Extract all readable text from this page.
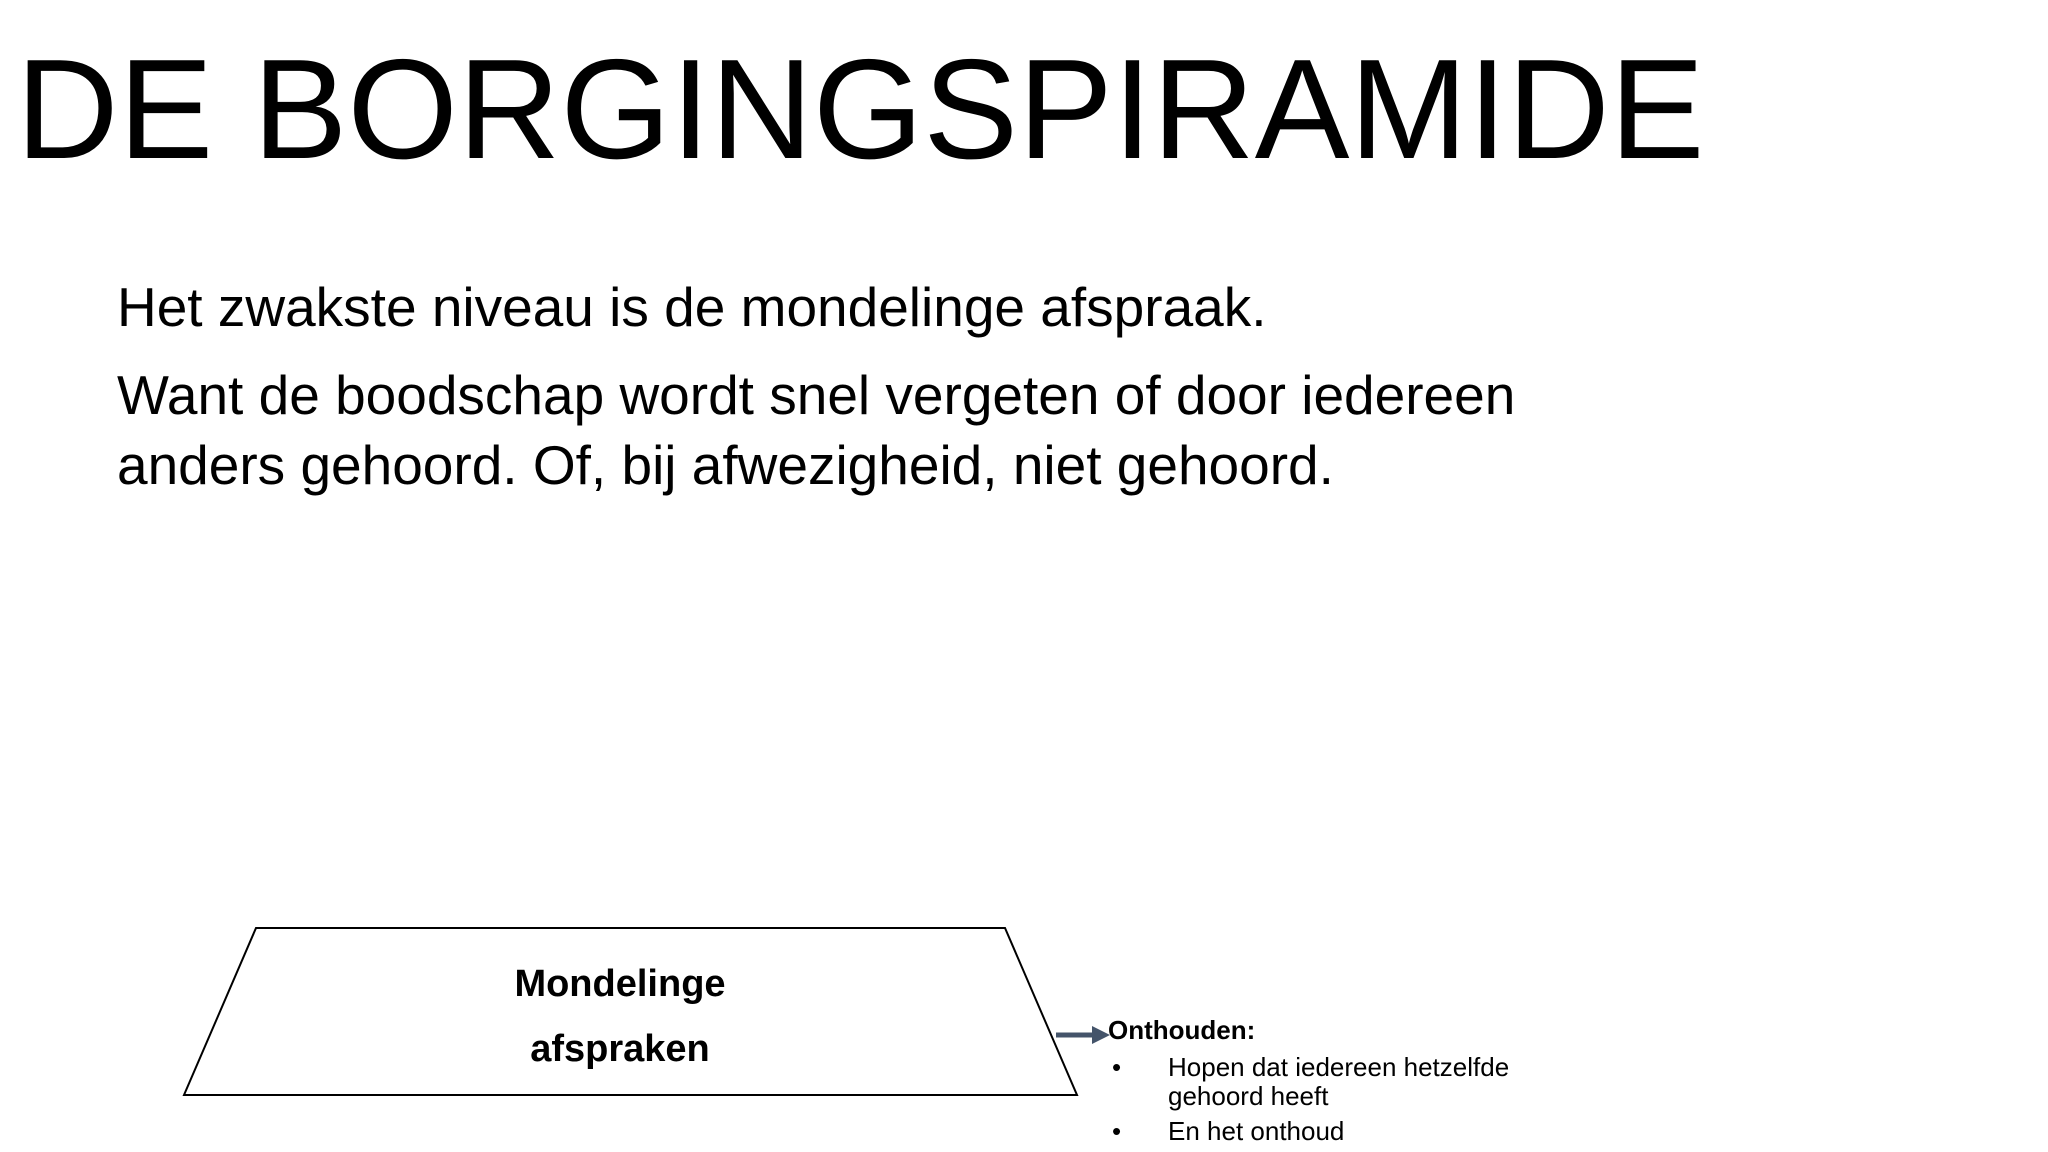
DE BORGINGSPIRAMIDE

Het zwakste niveau is de mondelinge afspraak.

Want de boodschap wordt snel vergeten of door iedereen anders gehoord. Of, bij afwezigheid, niet gehoord.

Mondelinge
afspraken	Onthouden:
• Hopen dat iedereen hetzelfde gehoord heeft
• En het onthoud
